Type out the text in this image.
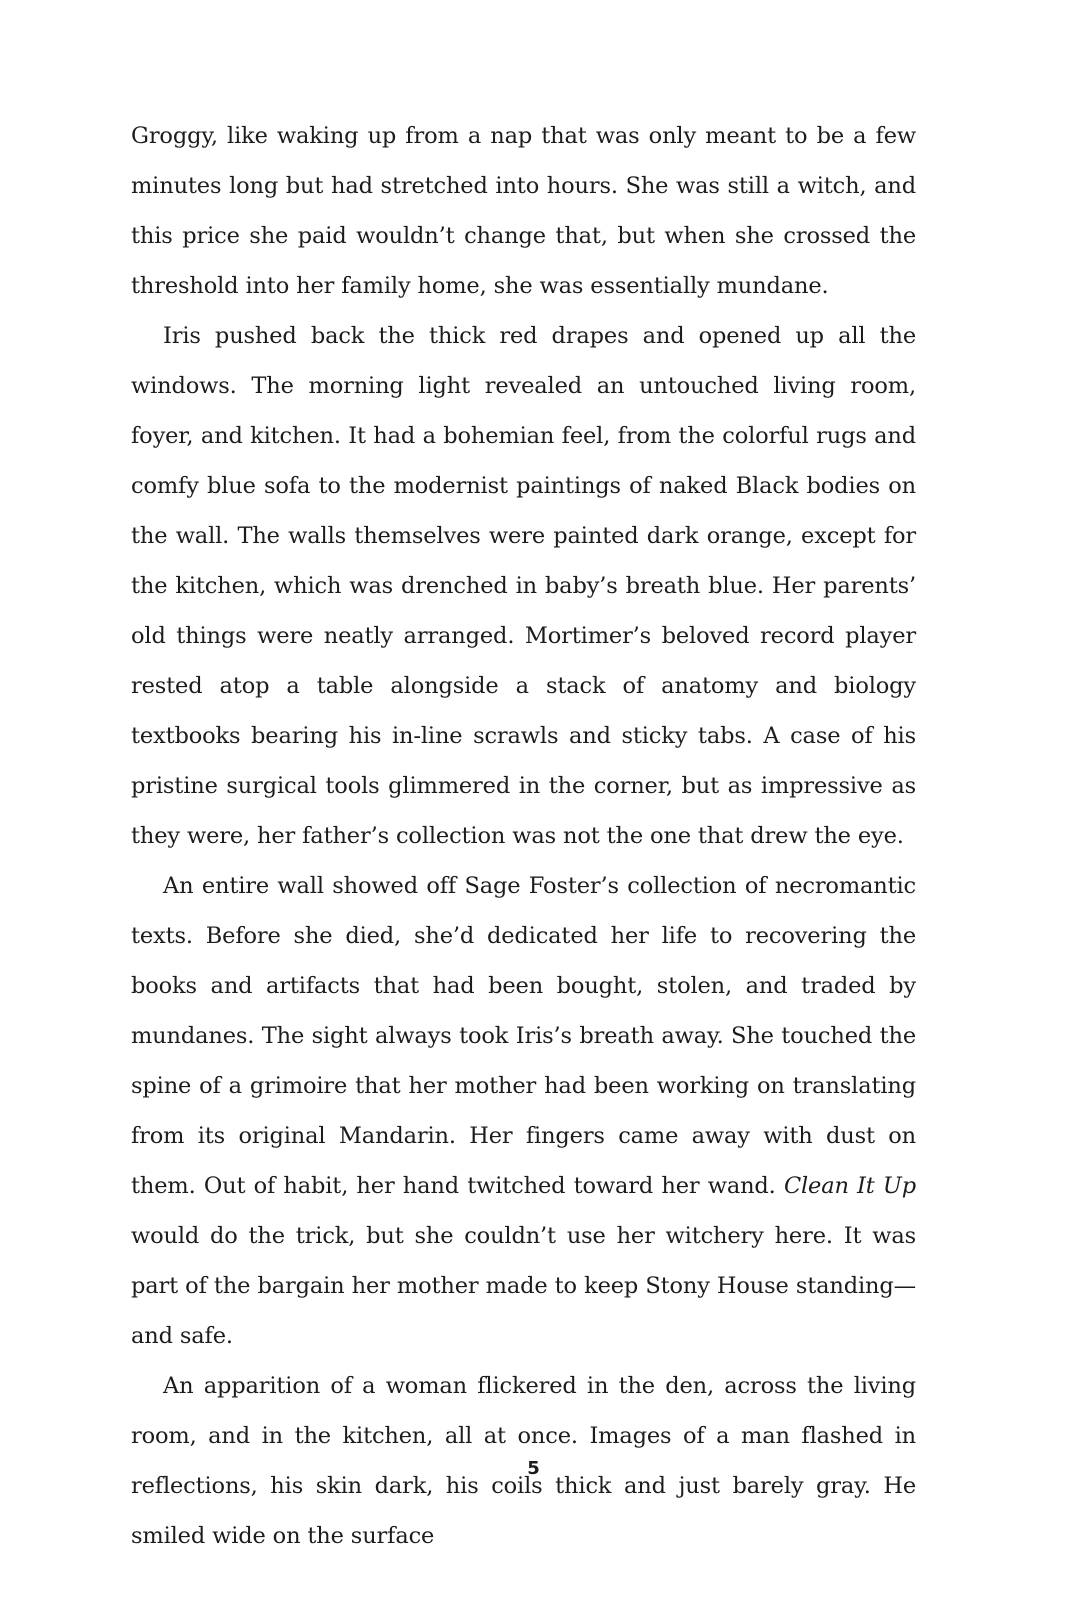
Groggy, like waking up from a nap that was only meant to be a few minutes long but had stretched into hours. She was still a witch, and this price she paid wouldn’t change that, but when she crossed the threshold into her family home, she was essentially mundane.

Iris pushed back the thick red drapes and opened up all the windows. The morning light revealed an untouched living room, foyer, and kitchen. It had a bohemian feel, from the colorful rugs and comfy blue sofa to the modernist paintings of naked Black bodies on the wall. The walls themselves were painted dark orange, except for the kitchen, which was drenched in baby’s breath blue. Her parents’ old things were neatly arranged. Mortimer’s beloved record player rested atop a table alongside a stack of anatomy and biology textbooks bearing his in-line scrawls and sticky tabs. A case of his pristine surgical tools glimmered in the corner, but as impressive as they were, her father’s collection was not the one that drew the eye.

An entire wall showed off Sage Foster’s collection of necromantic texts. Before she died, she’d dedicated her life to recovering the books and artifacts that had been bought, stolen, and traded by mundanes. The sight always took Iris’s breath away. She touched the spine of a grimoire that her mother had been working on translating from its original Mandarin. Her fingers came away with dust on them. Out of habit, her hand twitched toward her wand. Clean It Up would do the trick, but she couldn’t use her witchery here. It was part of the bargain her mother made to keep Stony House standing—and safe.

An apparition of a woman flickered in the den, across the living room, and in the kitchen, all at once. Images of a man flashed in reflections, his skin dark, his coils thick and just barely gray. He smiled wide on the surface

5
